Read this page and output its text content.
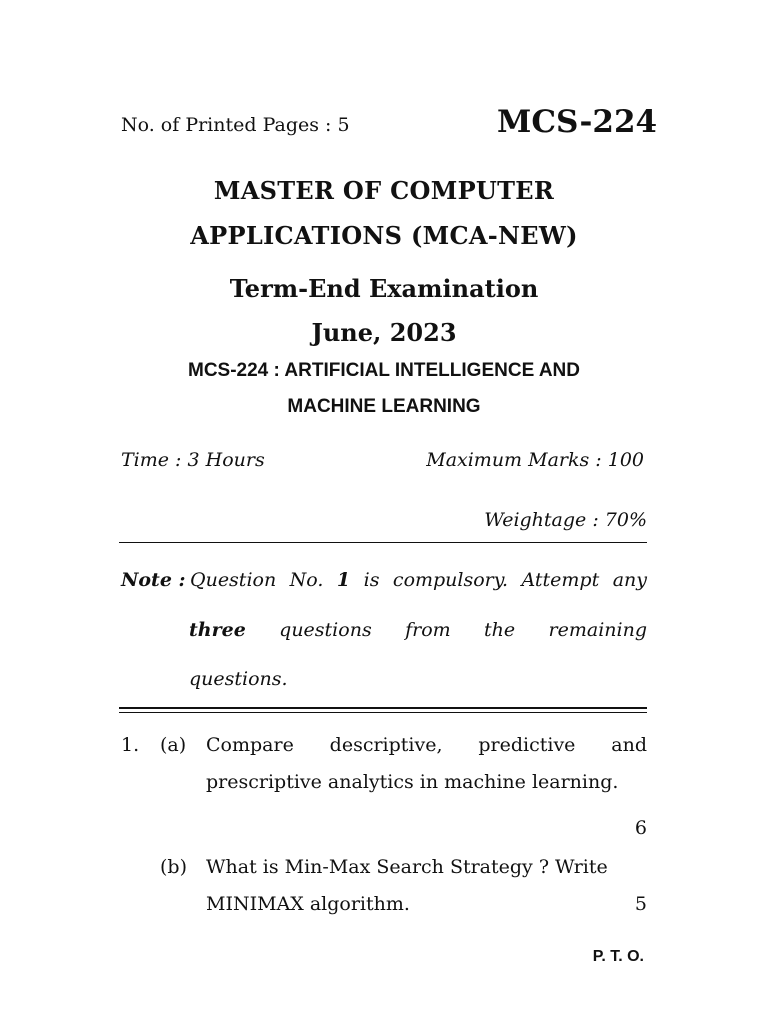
No. of Printed Pages : 5	MCS-224
MASTER OF COMPUTER
APPLICATIONS (MCA-NEW)
Term-End Examination
June, 2023
MCS-224 : ARTIFICIAL INTELLIGENCE AND
MACHINE LEARNING
Time : 3 Hours	Maximum Marks : 100
Weightage : 70%
Note : Question No. 1 is compulsory. Attempt any
three questions from the remaining
questions.
1. (a) Compare descriptive, predictive and
prescriptive analytics in machine learning.
6
(b) What is Min-Max Search Strategy ? Write
MINIMAX algorithm.	5
P. T. O.
